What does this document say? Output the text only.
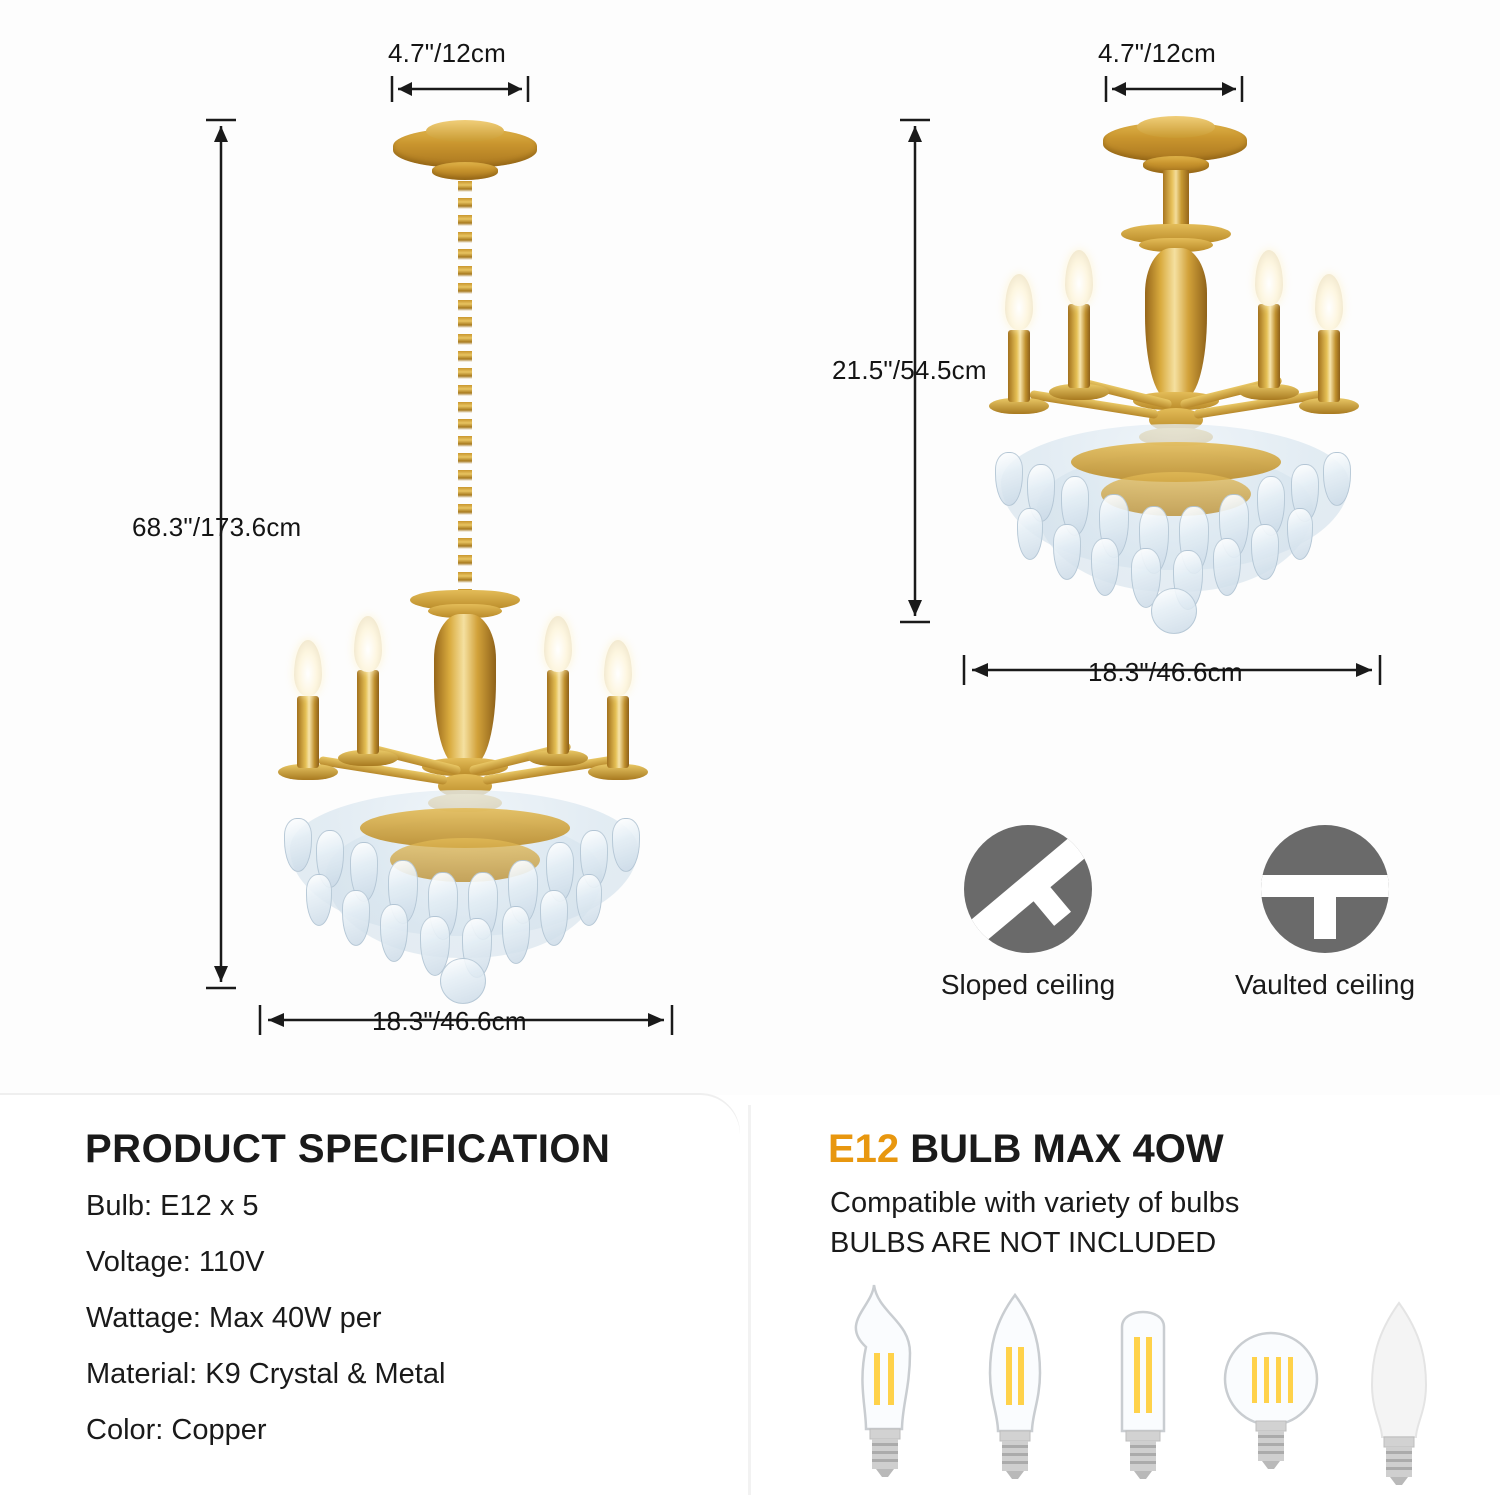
4.7"/12cm
68.3"/173.6cm
18.3"/46.6cm
4.7"/12cm
21.5"/54.5cm
18.3"/46.6cm
Sloped ceiling	Vaulted ceiling
PRODUCT SPECIFICATION
Bulb: E12 x 5
Voltage: 110V
Wattage: Max 40W per
Material: K9 Crystal & Metal
Color: Copper
E12 BULB MAX 4OW
Compatible with variety of bulbs
BULBS ARE NOT INCLUDED
